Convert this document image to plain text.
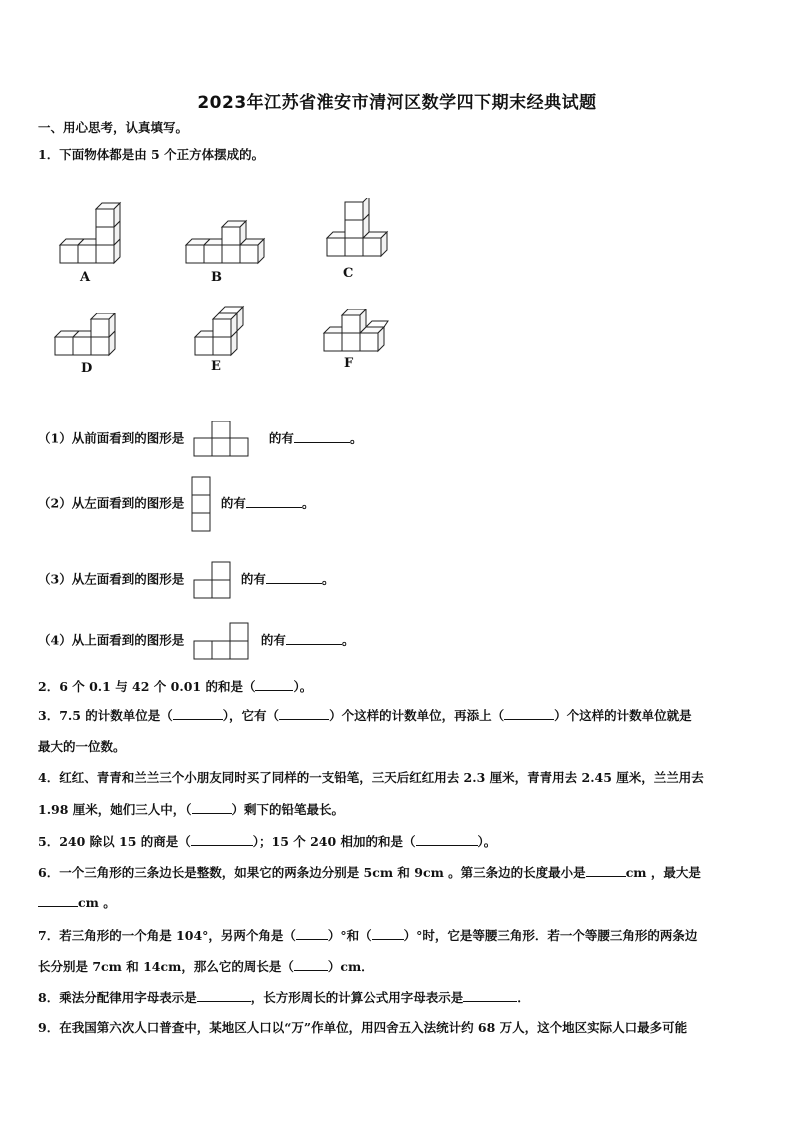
2023年江苏省淮安市清河区数学四下期末经典试题
一、用心思考，认真填写。
1．下面物体都是由 5 个正方体摆成的。
A	B	C
D	E	F
（1）从前面看到的图形是	的有	。
（2）从左面看到的图形是	的有	。
（3）从左面看到的图形是	的有	。
（4）从上面看到的图形是	的有	。
2．6 个 0.1 与 42 个 0.01 的和是（	）。
3．7.5 的计数单位是（	），它有（	）个这样的计数单位，再添上（	）个这样的计数单位就是
最大的一位数。
4．红红、青青和兰兰三个小朋友同时买了同样的一支铅笔，三天后红红用去 2.3 厘米，青青用去 2.45 厘米，兰兰用去
1.98 厘米，她们三人中，（	）剩下的铅笔最长。
5．240 除以 15 的商是（	）；15 个 240 相加的和是（	）。
6．一个三角形的三条边长是整数，如果它的两条边分别是 5cm 和 9cm 。第三条边的长度最小是	cm ，最大是
cm 。
7．若三角形的一个角是 104°，另两个角是（	）°和（	）°时，它是等腰三角形．若一个等腰三角形的两条边
长分别是 7cm 和 14cm，那么它的周长是（	）cm．
8．乘法分配律用字母表示是	，长方形周长的计算公式用字母表示是	．
9．在我国第六次人口普查中，某地区人口以“万”作单位，用四舍五入法统计约 68 万人，这个地区实际人口最多可能
